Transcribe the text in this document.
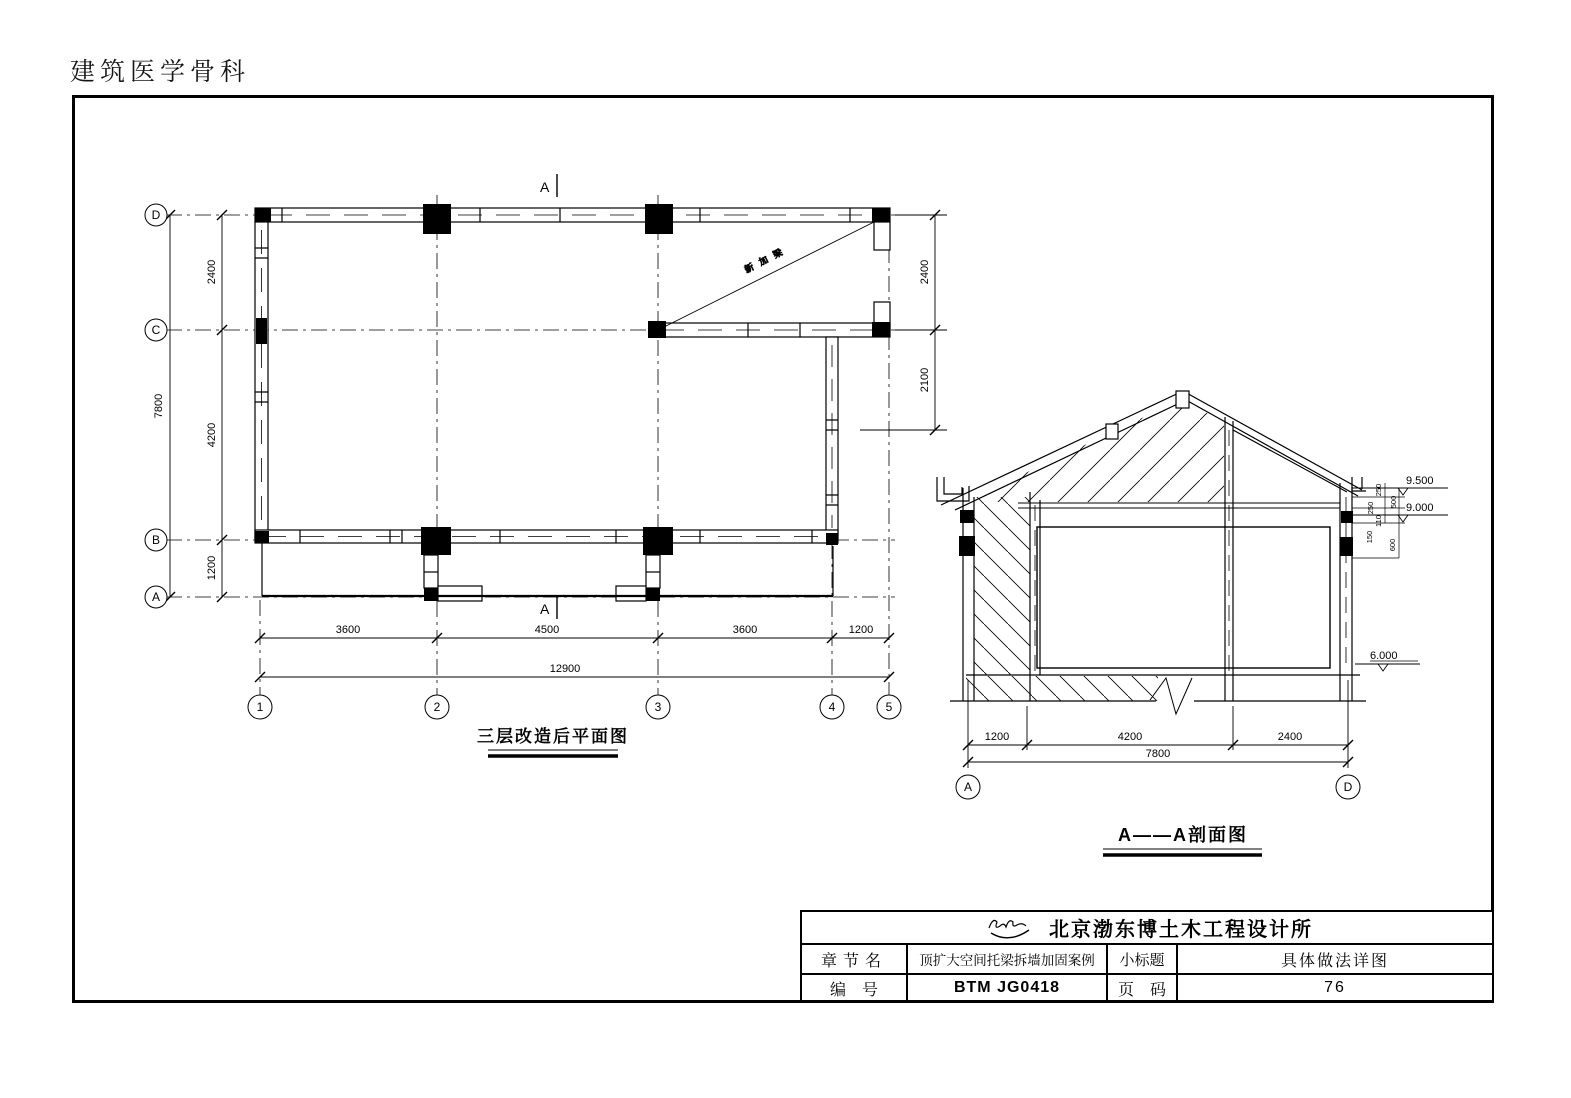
建筑医学骨科
新加梁
A
A
7800
2400
4200
1200
2400
2100
3600	4500	3600	1200
12900
D
C
B
A
1	2	3	4	5
三层改造后平面图
9.500
9.000
6.000
250
500
250
110
150
600
1200	4200	2400
7800
A	D
A——A剖面图
北京渤东博土木工程设计所
章节名	顶扩大空间托梁拆墙加固案例	小标题	具体做法详图
编 号	BTM JG0418	页 码	76
